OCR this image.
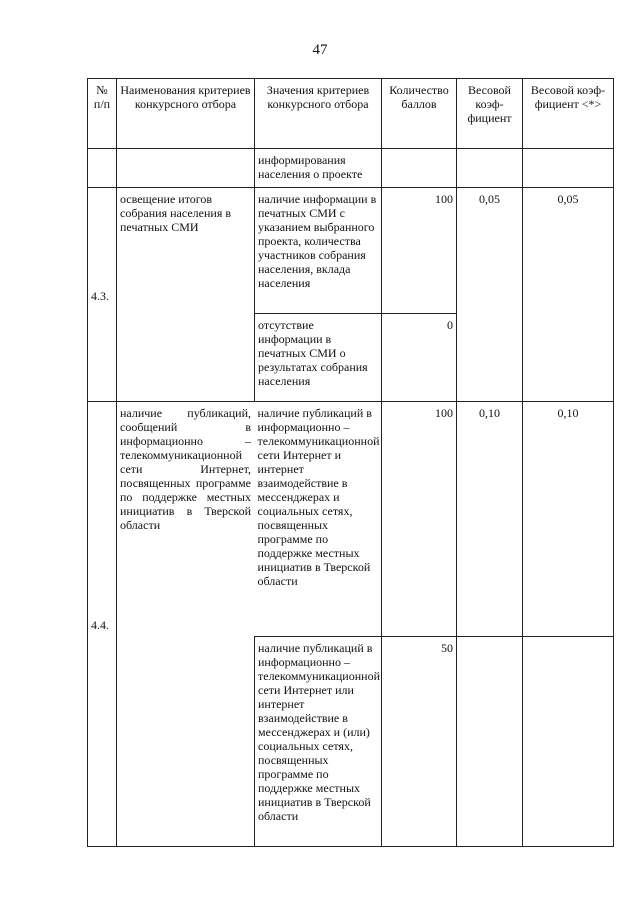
47
№ п/п	Наименования критериев конкурсного отбора	Значения критериев конкурсного отбора	Количество баллов	Весовой коэф-фициент	Весовой коэф-фициент <*>
		информирования населения о проекте			
4.3.	освещение итогов собрания населения в печатных СМИ	наличие информации в печатных СМИ с указанием выбранного проекта, количества участников собрания населения, вклада населения	100	0,05	0,05
		отсутствие информации в печатных СМИ о результатах собрания населения	0		
4.4.	наличие публикаций, сообщений в информационно – телекоммуникационной сети Интернет, посвященных программе по поддержке местных инициатив в Тверской области	наличие публикаций в информационно – телекоммуникационной сети Интернет и интернет взаимодействие в мессенджерах и социальных сетях, посвященных программе по поддержке местных инициатив в Тверской области	100	0,10	0,10
		наличие публикаций в информационно – телекоммуникационной сети Интернет или интернет взаимодействие в мессенджерах и (или) социальных сетях, посвященных программе по поддержке местных инициатив в Тверской области	50		
